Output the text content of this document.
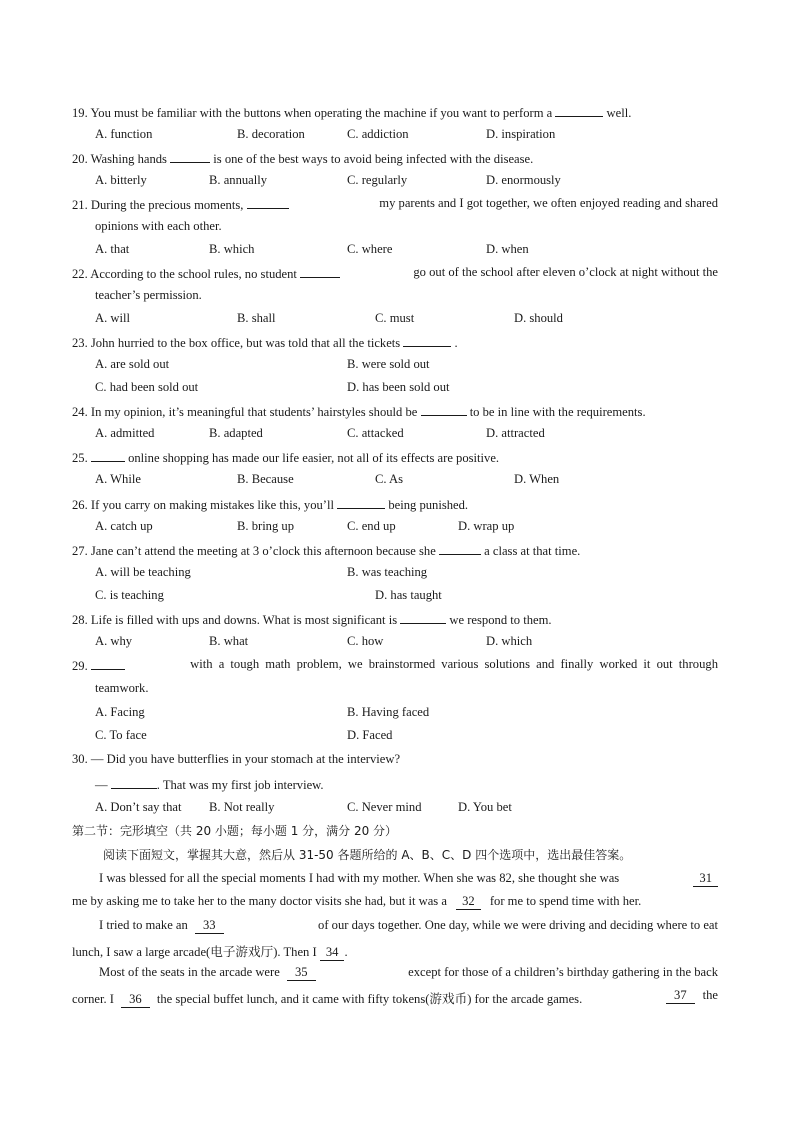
19. You must be familiar with the buttons when operating the machine if you want to perform a	well.
A. function	B. decoration	C. addiction	D. inspiration
20. Washing hands	is one of the best ways to avoid being infected with the disease.
A. bitterly	B. annually	C. regularly	D. enormously
21. During the precious moments,	my parents and I got together, we often enjoyed reading and shared
opinions with each other.
A. that	B. which	C. where	D. when
22. According to the school rules, no student	go out of the school after eleven o’clock at night without the
teacher’s permission.
A. will	B. shall	C. must	D. should
23. John hurried to the box office, but was told that all the tickets	.
A. are sold out	B. were sold out
C. had been sold out	D. has been sold out
24. In my opinion, it’s meaningful that students’ hairstyles should be	to be in line with the requirements.
A. admitted	B. adapted	C. attacked	D. attracted
25.	online shopping has made our life easier, not all of its effects are positive.
A. While	B. Because	C. As	D. When
26. If you carry on making mistakes like this, you’ll	being punished.
A. catch up	B. bring up	C. end up	D. wrap up
27. Jane can’t attend the meeting at 3 o’clock this afternoon because she	a class at that time.
A. will be teaching	B. was teaching
C. is teaching	D. has taught
28. Life is filled with ups and downs. What is most significant is	we respond to them.
A. why	B. what	C. how	D. which
29.	with a tough math problem, we brainstormed various solutions and finally worked it out through
teamwork.
A. Facing	B. Having faced
C. To face	D. Faced
30. — Did you have butterflies in your stomach at the interview?
—	. That was my first job interview.
A. Don’t say that B. Not really	C. Never mind	D. You bet
第二节：完形填空（共 20 小题；每小题 1 分，满分 20 分）
阅读下面短文，掌握其大意，然后从 31-50 各题所给的 A、B、C、D 四个选项中，选出最佳答案。
I was blessed for all the special moments I had with my mother. When she was 82, she thought she was	31
me by asking me to take her to the many doctor visits she had, but it was a 32 for me to spend time with her.
I tried to make an 33	of our days together. One day, while we were driving and deciding where to eat
lunch, I saw a large arcade(电子游戏厅). Then I 34 .
Most of the seats in the arcade were 35	except for those of a children’s birthday gathering in the back
corner. I 36 the special buffet lunch, and it came with fifty tokens(游戏币) for the arcade games.	37 the
